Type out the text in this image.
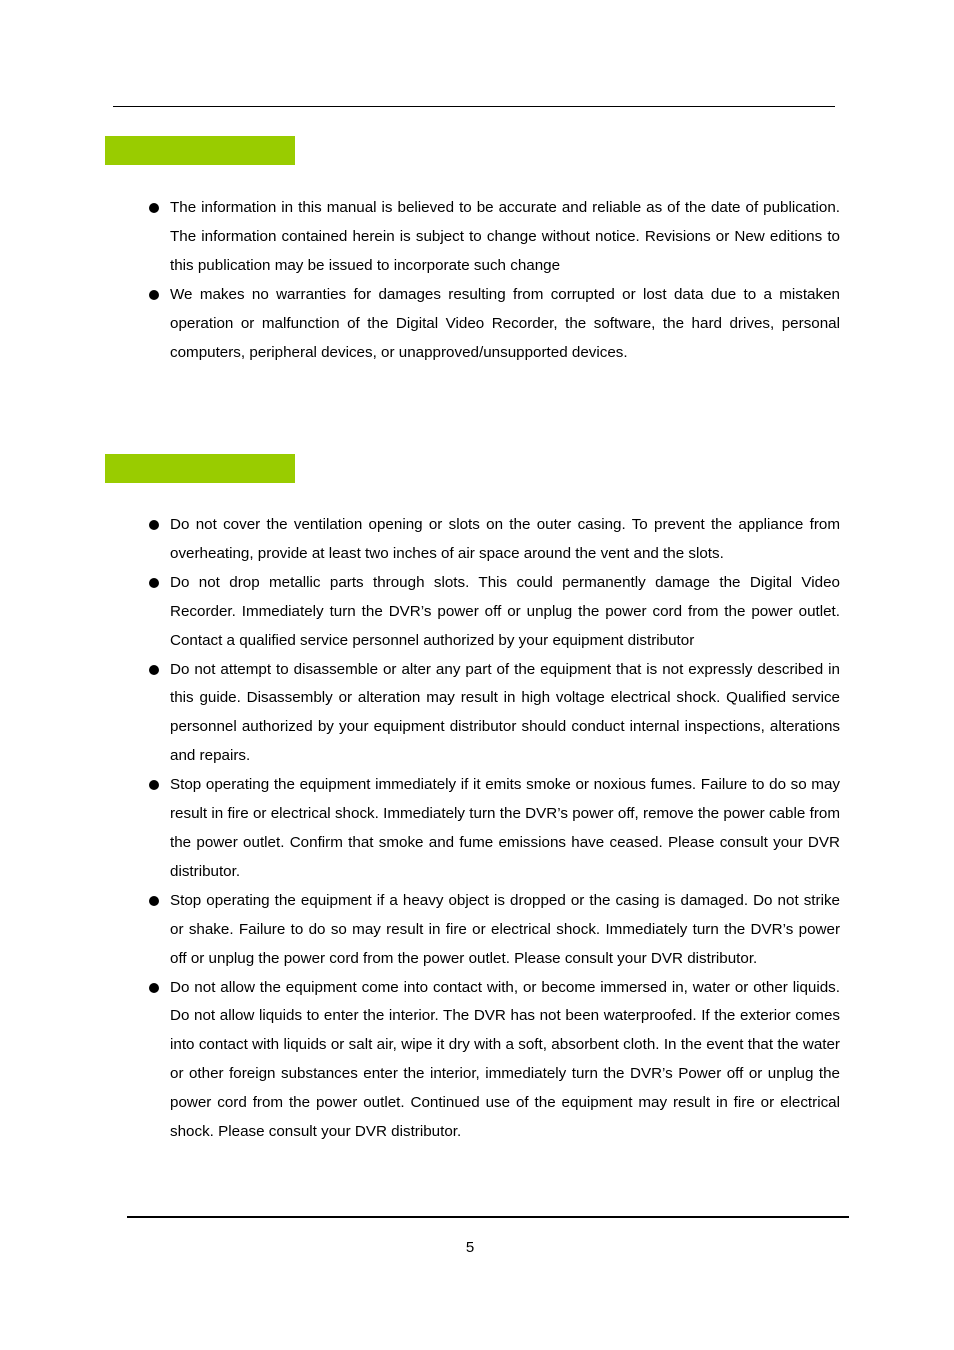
The information in this manual is believed to be accurate and reliable as of the date of publication. The information contained herein is subject to change without notice. Revisions or New editions to this publication may be issued to incorporate such change
We makes no warranties for damages resulting from corrupted or lost data due to a mistaken operation or malfunction of the Digital Video Recorder, the software, the hard drives, personal computers, peripheral devices, or unapproved/unsupported devices.
Do not cover the ventilation opening or slots on the outer casing. To prevent the appliance from overheating, provide at least two inches of air space around the vent and the slots.
Do not drop metallic parts through slots. This could permanently damage the Digital Video Recorder. Immediately turn the DVR’s power off or unplug the power cord from the power outlet. Contact a qualified service personnel authorized by your equipment distributor
Do not attempt to disassemble or alter any part of the equipment that is not expressly described in this guide. Disassembly or alteration may result in high voltage electrical shock. Qualified service personnel authorized by your equipment distributor should conduct internal inspections, alterations and repairs.
Stop operating the equipment immediately if it emits smoke or noxious fumes. Failure to do so may result in fire or electrical shock. Immediately turn the DVR’s power off, remove the power cable from the power outlet. Confirm that smoke and fume emissions have ceased. Please consult your DVR distributor.
Stop operating the equipment if a heavy object is dropped or the casing is damaged. Do not strike or shake. Failure to do so may result in fire or electrical shock. Immediately turn the DVR’s power off or unplug the power cord from the power outlet. Please consult your DVR distributor.
Do not allow the equipment come into contact with, or become immersed in, water or other liquids. Do not allow liquids to enter the interior. The DVR has not been waterproofed. If the exterior comes into contact with liquids or salt air, wipe it dry with a soft, absorbent cloth. In the event that the water or other foreign substances enter the interior, immediately turn the DVR’s Power off or unplug the power cord from the power outlet. Continued use of the equipment may result in fire or electrical shock. Please consult your DVR distributor.
5
